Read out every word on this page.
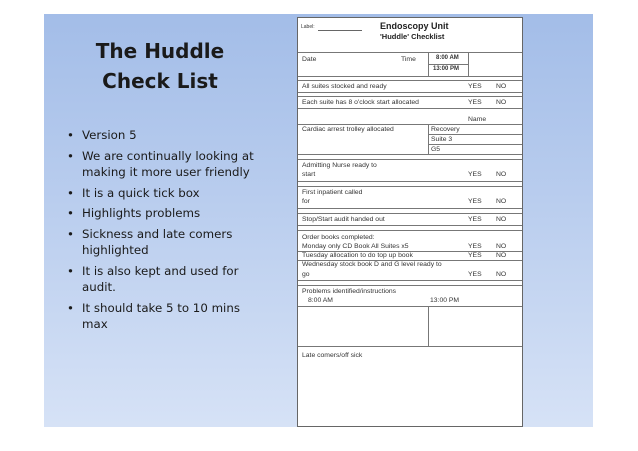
The Huddle
Check List
• Version 5
• We are continually looking at making it more user friendly
• It is a quick tick box
• Highlights problems
• Sickness and late comers highlighted
• It is also kept and used for audit.
• It should take 5 to 10 mins max
Label:	Endoscopy Unit
'Huddle' Checklist
Date	Time	8:00 AM
13:00 PM
All suites stocked and ready	YES NO
Each suite has 8 o'clock start allocated	YES NO
Name
Cardiac arrest trolley allocated	Recovery
Suite 3
G5
Admitting Nurse ready to
start	YES NO
First inpatient called
for	YES NO
Stop/Start audit handed out	YES NO
Order books completed:
Monday only CD Book All Suites x5	YES NO
Tuesday allocation to do top up book	YES NO
Wednesday stock book D and G level ready to
go	YES NO
Problems identified/instructions
8:00 AM	13:00 PM
Late comers/off sick
